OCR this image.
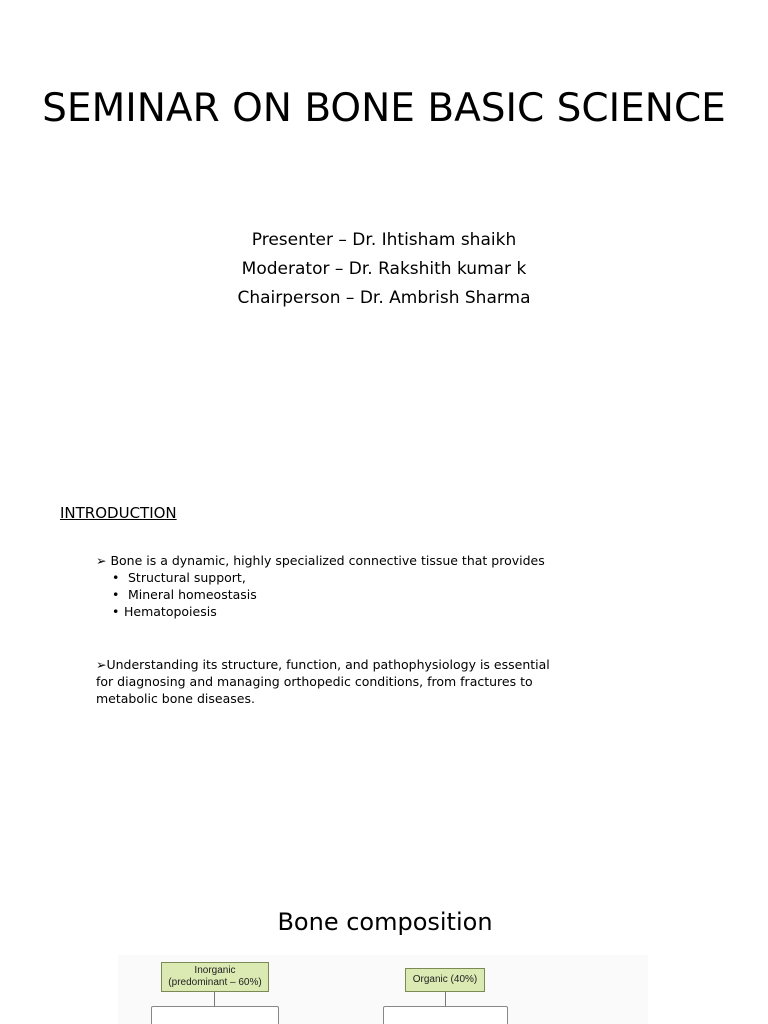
SEMINAR ON BONE BASIC SCIENCE
Presenter – Dr. Ihtisham shaikh
Moderator – Dr. Rakshith kumar k
Chairperson – Dr. Ambrish Sharma
INTRODUCTION
➢ Bone is a dynamic, highly specialized connective tissue that provides
• Structural support,
• Mineral homeostasis
• Hematopoiesis
➢Understanding its structure, function, and pathophysiology is essential for diagnosing and managing orthopedic conditions, from fractures to metabolic bone diseases.
Bone composition
Inorganic
(predominant – 60%)	Organic (40%)
